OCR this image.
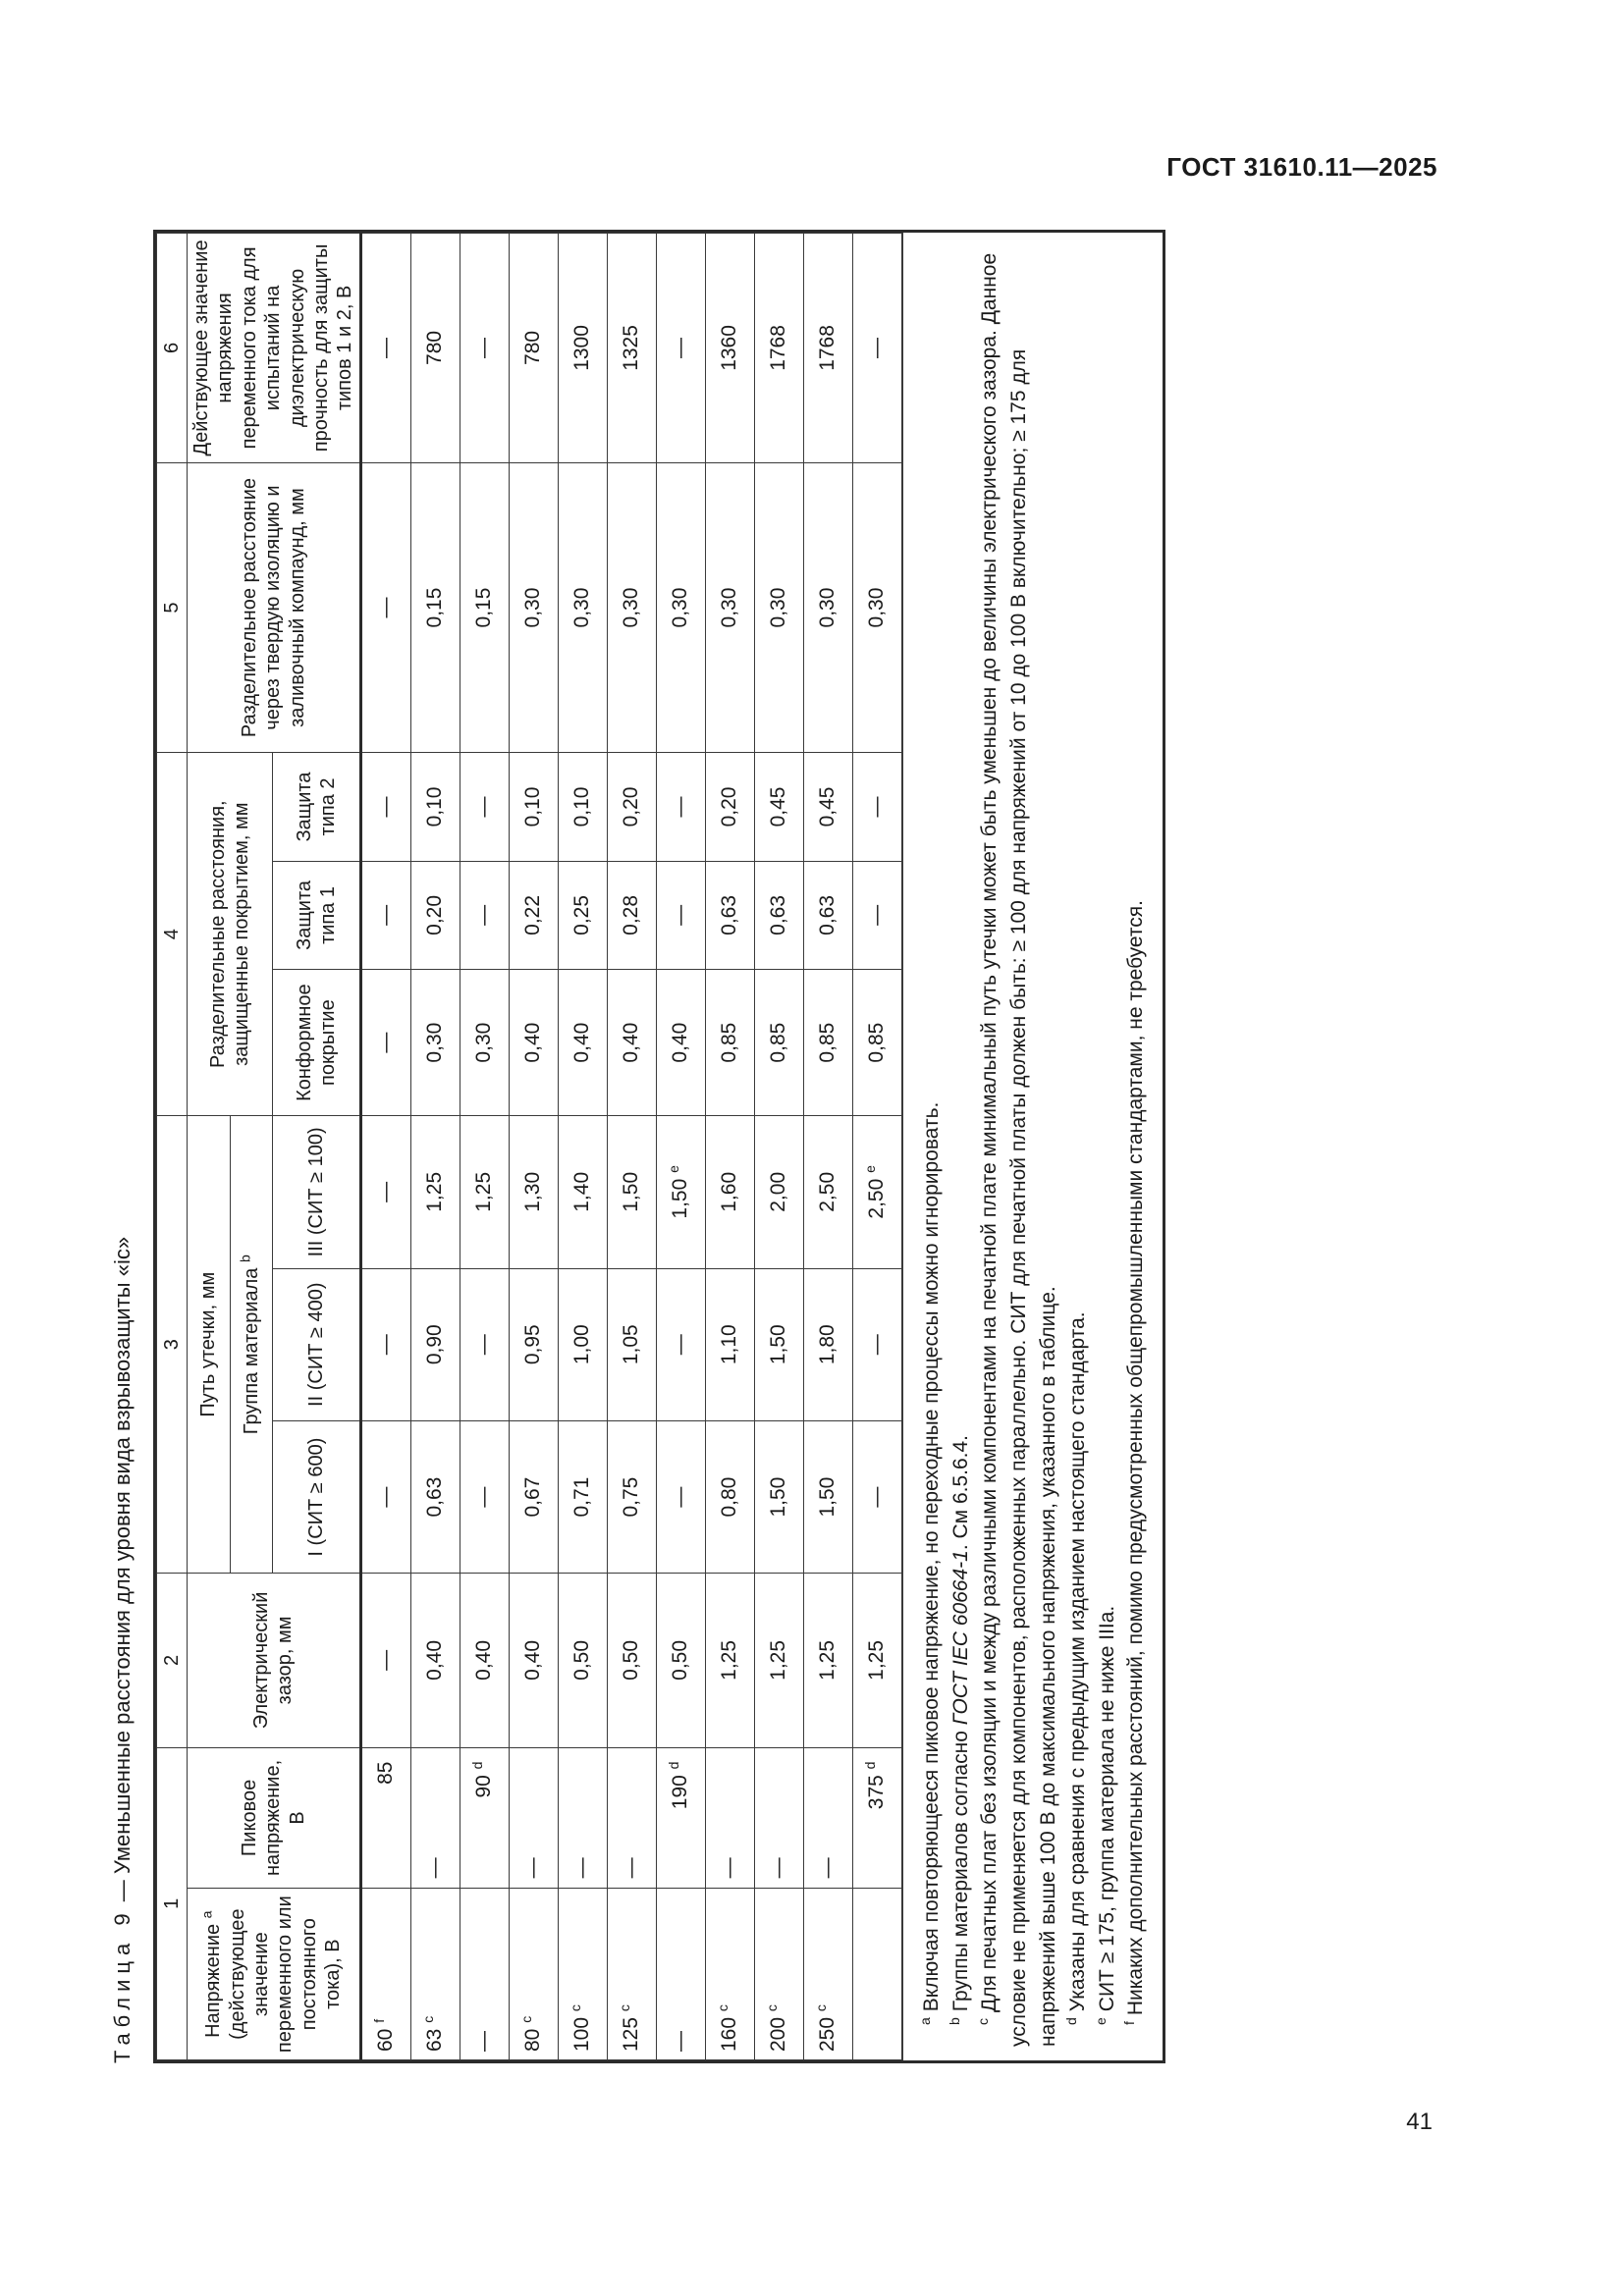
ГОСТ 31610.11—2025
Таблица 9 — Уменьшенные расстояния для уровня вида взрывозащиты «ic»
1		2	3			4			5	6
Напряжение $^a$ (действующее значение переменного или постоянного тока), В	Пиковое напряжение, В	Электрический зазор, мм	Путь утечки, мм			Разделительные расстояния, защищенные покрытием, мм			Разделительное расстояние через твердую изоляцию и заливочный компаунд, мм	Действующее значение напряжения переменного тока для испытаний на диэлектрическую прочность для защиты типов 1 и 2, В
			Группа материала $^b$
			I (СИТ ≥ 600)	II (СИТ ≥ 400)	III (СИТ ≥ 100)	Конформное покрытие	Защита типа 1	Защита типа 2		
60 $^f$	85	—	—	—	—	—	—	—	—	—
63 $^c$	—	0,40	0,63	0,90	1,25	0,30	0,20	0,10	0,15	780
—	90 $^d$	0,40	—	—	1,25	0,30	—	—	0,15	—
80 $^c$	—	0,40	0,67	0,95	1,30	0,40	0,22	0,10	0,30	780
100 $^c$	—	0,50	0,71	1,00	1,40	0,40	0,25	0,10	0,30	1300
125 $^c$	—	0,50	0,75	1,05	1,50	0,40	0,28	0,20	0,30	1325
—	190 $^d$	0,50	—	—	1,50 $^e$	0,40	—	—	0,30	—
160 $^c$	—	1,25	0,80	1,10	1,60	0,85	0,63	0,20	0,30	1360
200 $^c$	—	1,25	1,50	1,50	2,00	0,85	0,63	0,45	0,30	1768
250 $^c$	—	1,25	1,50	1,80	2,50	0,85	0,63	0,45	0,30	1768
	375 $^d$	1,25	—	—	2,50 $^e$	0,85	—	—	0,30	—

$^a$Включая повторяющееся пиковое напряжение, но переходные процессы можно игнорировать.

$^b$Группы материалов согласно ГОСТ IEC 60664-1. См 6.5.6.4.

$^c$Для печатных плат без изоляции и между различными компонентами на печатной плате минимальный путь утечки может быть уменьшен до величины электрического зазора. Данное условие не применяется для компонентов, расположенных параллельно. СИТ для печатной платы должен быть: ≥ 100 для напряжений от 10 до 100 В включительно; ≥ 175 для напряжений выше 100 В до максимального напряжения, указанного в таблице. $^d$Указаны для сравнения с предыдущим изданием настоящего стандарта.

$^e$СИТ ≥ 175, группа материала не ниже IIIa.

$^f$Никаких дополнительных расстояний, помимо предусмотренных общепромышленными стандартами, не требуется.

41
